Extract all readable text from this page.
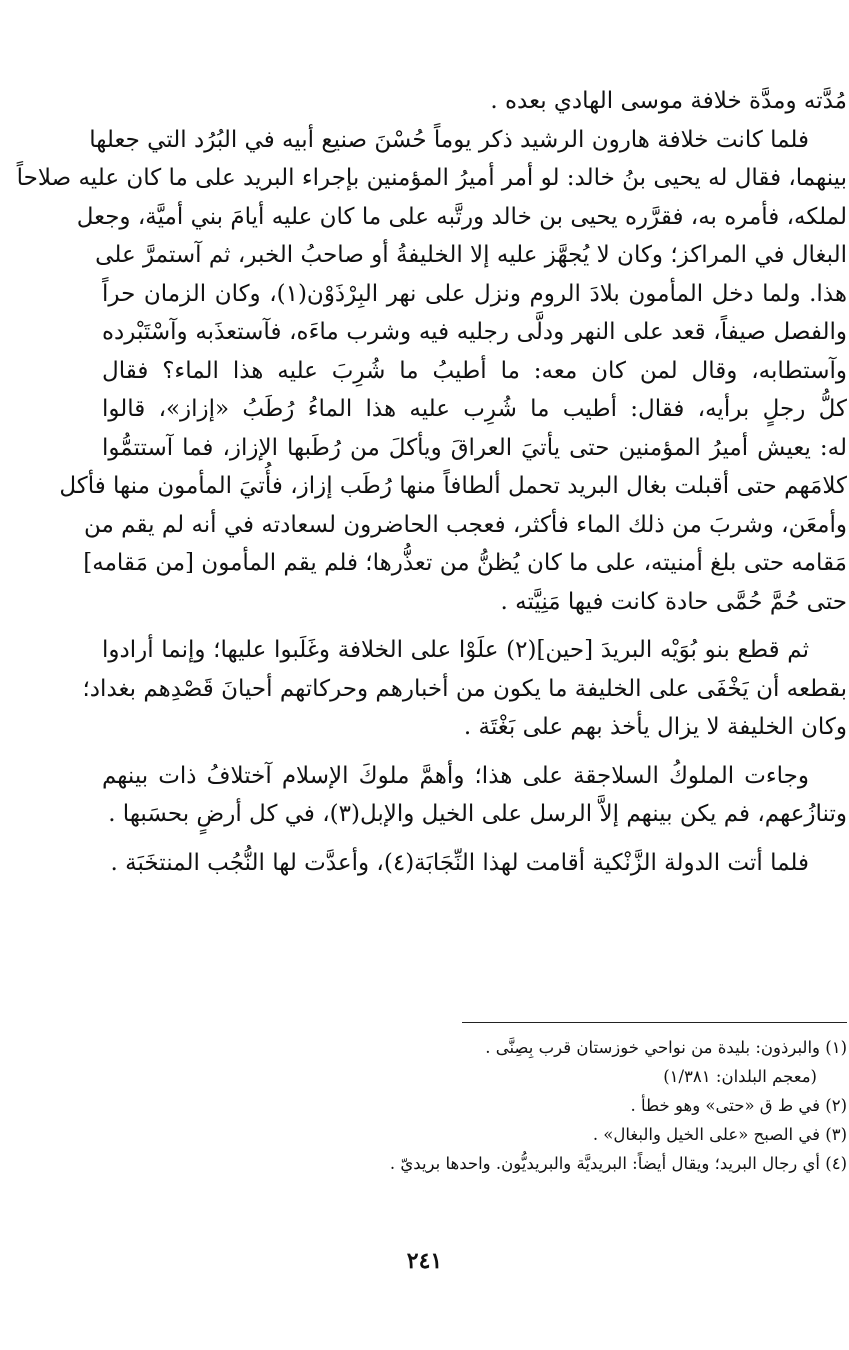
مُدَّته ومدَّة خلافة موسى الهادي بعده .
فلما كانت خلافة هارون الرشيد ذكر يوماً حُسْنَ صنيع أبيه في البُرُد التي جعلها
بينهما، فقال له يحيى بنُ خالد: لو أمر أميرُ المؤمنين بإجراء البريد على ما كان عليه صلاحاً
لملكه، فأمره به، فقرَّره يحيى بن خالد ورتَّبه على ما كان عليه أيامَ بني أميَّة، وجعل
البغال في المراكز؛ وكان لا يُجهَّز عليه إلا الخليفةُ أو صاحبُ الخبر، ثم آستمرَّ على
هذا. ولما دخل المأمون بلادَ الروم ونزل على نهر البِرْذَوْن(١)، وكان الزمان حراً
والفصل صيفاً، قعد على النهر ودلَّى رجليه فيه وشرب ماءَه، فآستعذَبه وآسْتَبْرده
وآستطابه، وقال لمن كان معه: ما أطيبُ ما شُرِبَ عليه هذا الماء؟ فقال
كلُّ رجلٍ برأيه، فقال: أطيب ما شُرِب عليه هذا الماءُ رُطَبُ «إزاز»، قالوا
له: يعيش أميرُ المؤمنين حتى يأتيَ العراقَ ويأكلَ من رُطَبها الإزاز، فما آستتمُّوا
كلامَهم حتى أقبلت بغال البريد تحمل ألطافاً منها رُطَب إزاز، فأُتيَ المأمون منها فأكل
وأمعَن، وشربَ من ذلك الماء فأكثر، فعجب الحاضرون لسعادته في أنه لم يقم من
مَقامه حتى بلغ أمنيته، على ما كان يُظنُّ من تعذُّرها؛ فلم يقم المأمون [من مَقامه]
حتى حُمَّ حُمَّى حادة كانت فيها مَنِيَّته .
ثم قطع بنو بُوَيْه البريدَ [حين](٢) علَوْا على الخلافة وغَلَبوا عليها؛ وإنما أرادوا
بقطعه أن يَخْفَى على الخليفة ما يكون من أخبارهم وحركاتهم أحيانَ قَصْدِهم بغداد؛
وكان الخليفة لا يزال يأخذ بهم على بَغْتَة .
وجاءت الملوكُ السلاجقة على هذا؛ وأهمَّ ملوكَ الإسلام آختلافُ ذات بينهم
وتنازُعهم، فم يكن بينهم إلاَّ الرسل على الخيل والإبل(٣)، في كل أرضٍ بحسَبها .
فلما أتت الدولة الزَّنْكية أقامت لهذا النِّجَابَة(٤)، وأعدَّت لها النُّجُب المنتخَبَة .
(١) والبرذون: بليدة من نواحي خوزستان قرب بِصِنَّى .
(معجم البلدان: ١/٣٨١)
(٢) في ط ق «حتى» وهو خطأ .
(٣) في الصبح «على الخيل والبغال» .
(٤) أي رجال البريد؛ ويقال أيضاً: البريديَّة والبريديُّون. واحدها بريديّ .
٢٤١
